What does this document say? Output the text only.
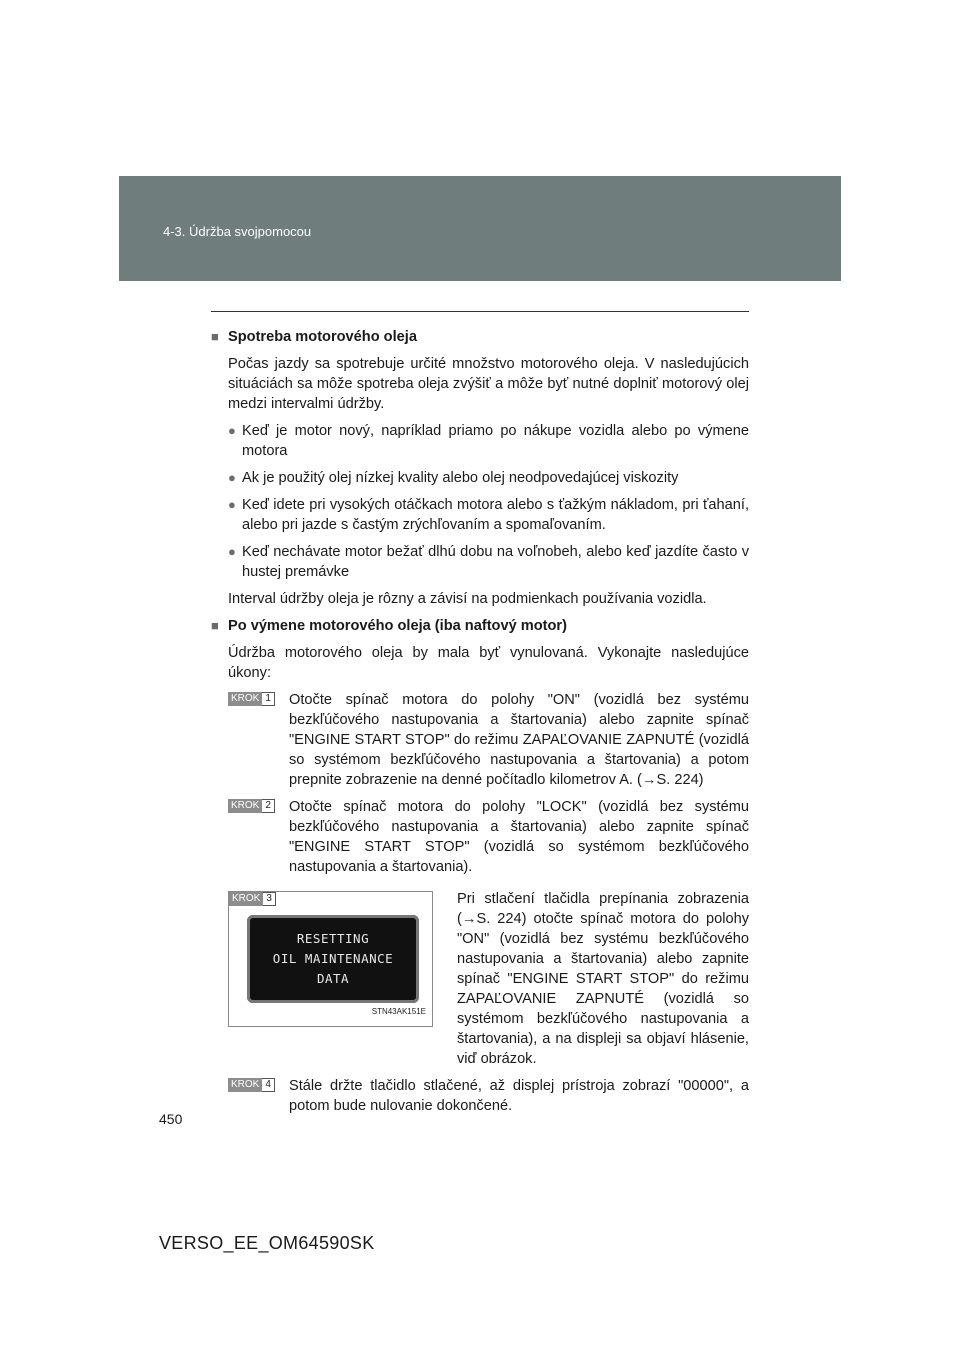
4-3. Údržba svojpomocou
■ Spotreba motorového oleja

Počas jazdy sa spotrebuje určité množstvo motorového oleja. V nasledujúcich situáciách sa môže spotreba oleja zvýšiť a môže byť nutné doplniť motorový olej medzi intervalmi údržby.

● Keď je motor nový, napríklad priamo po nákupe vozidla alebo po výmene motora
● Ak je použitý olej nízkej kvality alebo olej neodpovedajúcej viskozity
● Keď idete pri vysokých otáčkach motora alebo s ťažkým nákladom, pri ťahaní, alebo pri jazde s častým zrýchľovaním a spomaľovaním.
● Keď nechávate motor bežať dlhú dobu na voľnobeh, alebo keď jazdíte často v hustej premávke

Interval údržby oleja je rôzny a závisí na podmienkach používania vozidla.

■ Po výmene motorového oleja (iba naftový motor)

Údržba motorového oleja by mala byť vynulovaná. Vykonajte nasledujúce úkony:

KROK 1 Otočte spínač motora do polohy "ON" (vozidlá bez systému bezkľúčového nastupovania a štartovania) alebo zapnite spínač "ENGINE START STOP" do režimu ZAPAĽOVANIE ZAPNUTÉ (vozidlá so systémom bezkľúčového nastupovania a štartovania) a potom prepnite zobrazenie na denné počítadlo kilometrov A. (→S. 224)
KROK 2 Otočte spínač motora do polohy "LOCK" (vozidlá bez systému bezkľúčového nastupovania a štartovania) alebo zapnite spínač "ENGINE START STOP" (vozidlá so systémom bezkľúčového nastupovania a štartovania).
KROK 3
RESETTING
OIL MAINTENANCE
DATA
STN43AK151E
Pri stlačení tlačidla prepínania zobrazenia (→S. 224) otočte spínač motora do polohy "ON" (vozidlá bez systému bezkľúčového nastupovania a štartovania) alebo zapnite spínač "ENGINE START STOP" do režimu ZAPAĽOVANIE ZAPNUTÉ (vozidlá so systémom bezkľúčového nastupovania a štartovania), a na displeji sa objaví hlásenie, viď obrázok.
KROK 4 Stále držte tlačidlo stlačené, až displej prístroja zobrazí "00000", a potom bude nulovanie dokončené.
450
VERSO_EE_OM64590SK
